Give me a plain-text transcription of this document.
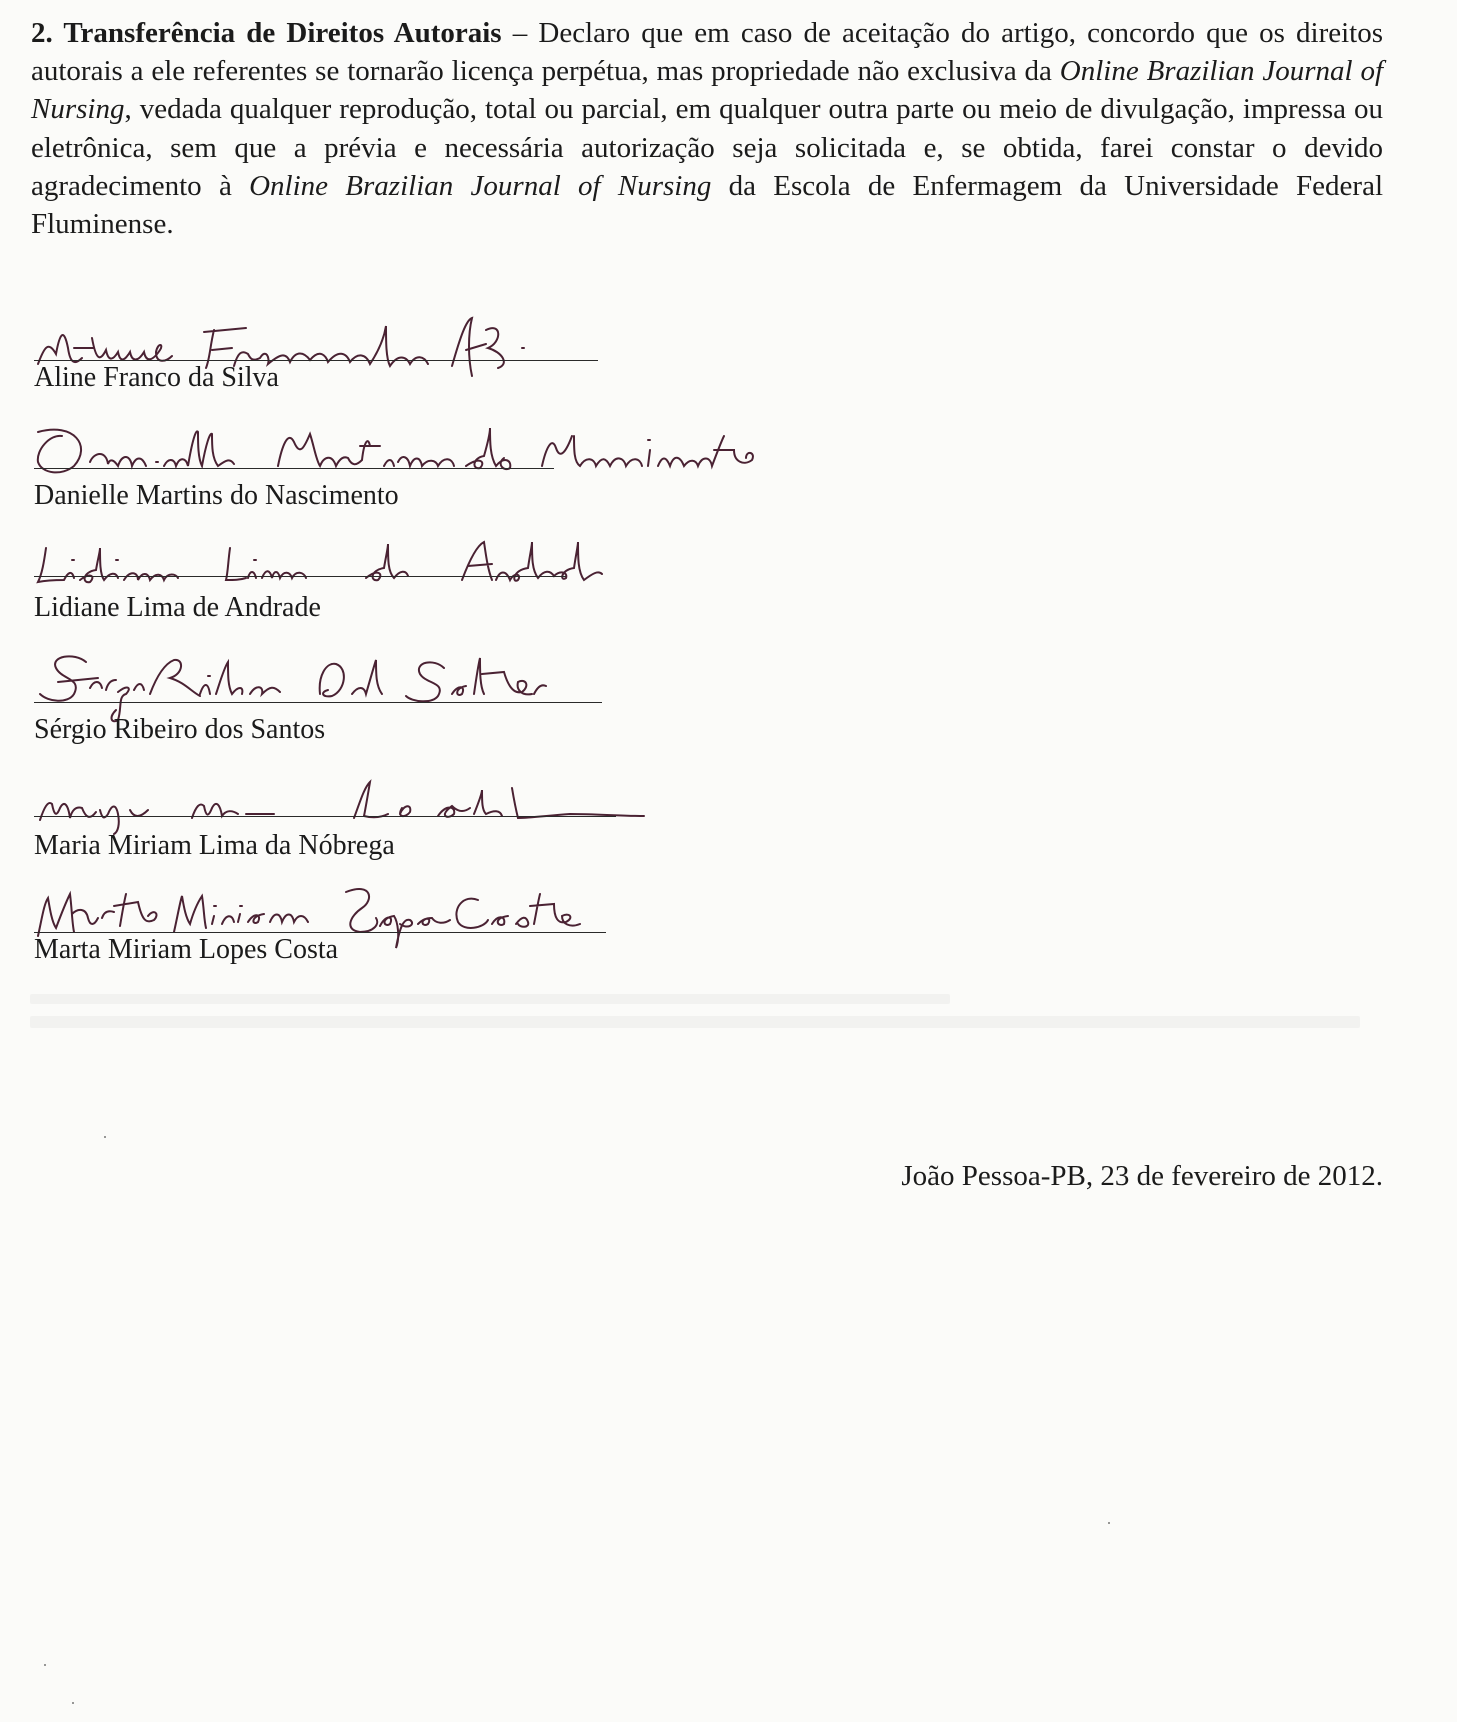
2. Transferência de Direitos Autorais – Declaro que em caso de aceitação do artigo, concordo que os direitos autorais a ele referentes se tornarão licença perpétua, mas propriedade não exclusiva da Online Brazilian Journal of Nursing, vedada qualquer reprodução, total ou parcial, em qualquer outra parte ou meio de divulgação, impressa ou eletrônica, sem que a prévia e necessária autorização seja solicitada e, se obtida, farei constar o devido agradecimento à Online Brazilian Journal of Nursing da Escola de Enfermagem da Universidade Federal Fluminense.

Aline Franco da Silva
Danielle Martins do Nascimento
Lidiane Lima de Andrade
Sérgio Ribeiro dos Santos
Maria Miriam Lima da Nóbrega
Marta Miriam Lopes Costa
João Pessoa-PB, 23 de fevereiro de 2012.
